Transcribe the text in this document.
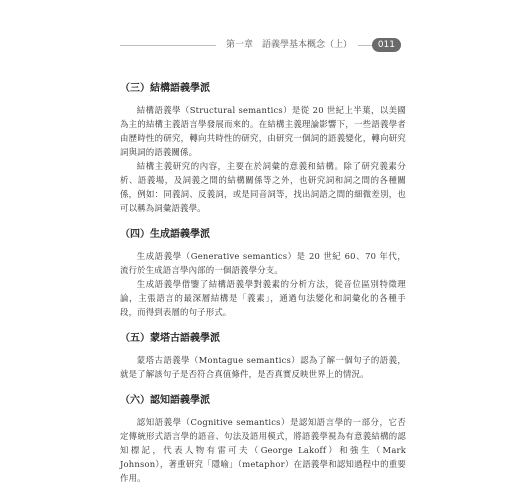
第一章　語義學基本概念（上）	011
（三）結構語義學派

結構語義學（Structural semantics）是從 20 世紀上半葉，以美國為主的結構主義語言學發展而來的。在結構主義理論影響下，一些語義學者由歷時性的研究，轉向共時性的研究，由研究一個詞的語義變化，轉向研究詞與詞的語義關係。

結構主義研究的內容，主要在於詞彙的意義和結構。除了研究義素分析、語義場，及詞義之間的結構關係等之外，也研究詞和詞之間的各種關係，例如：同義詞、反義詞，或是同音詞等，找出詞語之間的細微差別，也可以稱為詞彙語義學。

（四）生成語義學派

生成語義學（Generative semantics）是 20 世紀 60、70 年代，流行於生成語言學內部的一個語義學分支。

生成語義學借鑒了結構語義學對義素的分析方法，從音位區別特徵理論，主張語言的最深層結構是「義素」，通過句法變化和詞彙化的各種手段，而得到表層的句子形式。

（五）蒙塔古語義學派

蒙塔古語義學（Montague semantics）認為了解一個句子的語義，就是了解該句子是否符合真值條件，是否真實反映世界上的情況。

（六）認知語義學派

認知語義學（Cognitive semantics）是認知語言學的一部分，它否定傳統形式語言學的語音、句法及語用模式，將語義學視為有意義結構的認知標記，代表人物有雷可夫（George Lakoff）和強生（Mark Johnson），著重研究「隱喻」（metaphor）在語義學和認知過程中的重要作用。
